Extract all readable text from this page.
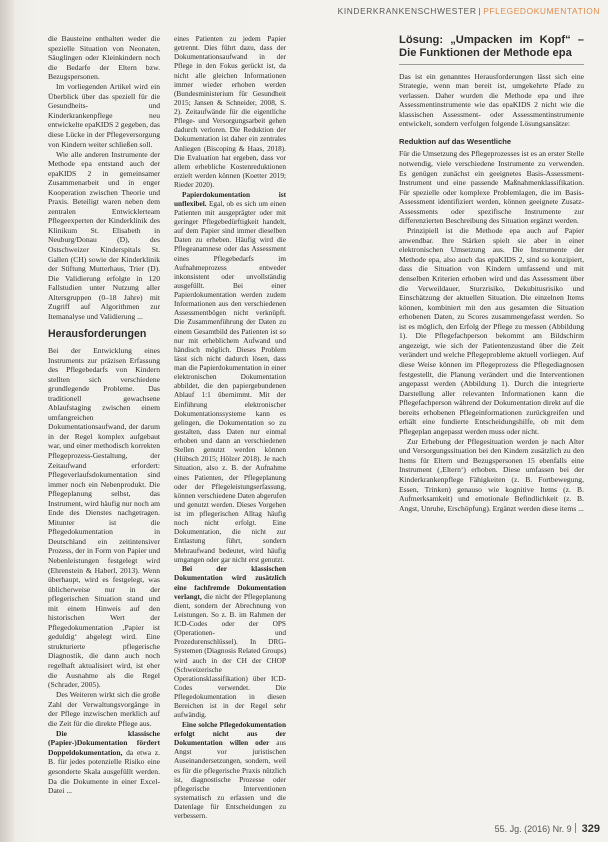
KINDERKRANKENSCHWESTER | PFLEGEDOKUMENTATION

die Bausteine enthalten weder die spezielle Situation von Neonaten, Säuglingen oder Kleinkindern noch die Bedarfe der Eltern bzw. Bezugspersonen.

Im vorliegenden Artikel wird ein Überblick über das speziell für die Gesundheits- und Kinderkrankenpflege neu entwickelte epaKIDS 2 gegeben, das diese Lücke in der Pflegeversorgung von Kindern weiter schließen soll.

Wie alle anderen Instrumente der Methode epa entstand auch der epaKIDS 2 in gemeinsamer Zusammenarbeit und in enger Kooperation zwischen Theorie und Praxis. Beteiligt waren neben dem zentralen Entwicklerteam Pflegeexperten der Kinderklinik des Klinikum St. Elisabeth in Neuburg/Donau (D), des Ostschweizer Kinderspitals St. Gallen (CH) sowie der Kinderklinik der Stiftung Mutterhaus, Trier (D). Die Validierung erfolgte in 120 Fallstudien unter Nutzung aller Altersgruppen (0–18 Jahre) mit Zugriff auf Algorithmen zur Itemanalyse und Validierung ...

Herausforderungen

Bei der Entwicklung eines Instruments zur präzisen Erfassung des Pflegebedarfs von Kindern stellten sich verschiedene grundlegende Probleme. Das traditionell gewachsene Ablaufstaging zwischen einem umfangreichen Dokumentationsaufwand, der darum in der Regel komplex aufgebaut war, und einer methodisch korrekten Pflegeprozess-Gestaltung, der Zeitaufwand erfordert: Pflegeverlaufsdokumentation sind immer noch ein Nebenprodukt. Die Pflegeplanung selbst, das Instrument, wird häufig nur noch am Ende des Dienstes nachgetragen. Mitunter ist die Pflegedokumentation in Deutschland ein zeitintensiver Prozess, der in Form von Papier und Nebenleistungen festgelegt wird (Ehrenstein & Haberl, 2013). Wenn überhaupt, wird es festgelegt, was üblicherweise nur in der pflegerischen Situation stand und mit einem Hinweis auf den historischen Wert der Pflegedokumentation ‚Papier ist geduldig‘ abgelegt wird. Eine strukturierte pflegerische Diagnostik, die dann auch noch regelhaft aktualisiert wird, ist eher die Ausnahme als die Regel (Schrader, 2005).

Des Weiteren wirkt sich die große Zahl der Verwaltungsvorgänge in der Pflege inzwischen merklich auf die Zeit für die direkte Pflege aus.

Die klassische (Papier-)Dokumentation fördert Doppeldokumentation, da etwa z. B. für jedes potenzielle Risiko eine gesonderte Skala ausgefüllt werden. Da die Dokumente in einer Excel-Datei ...

eines Patienten zu jedem Papier getrennt. Dies führt dazu, dass der Dokumentationsaufwand in der Pflege in den Fokus gerückt ist, da nicht alle gleichen Informationen immer wieder erhoben werden (Bundesministerium für Gesundheit 2015; Jansen & Schneider, 2008, S. 2). Zeitaufwände für die eigentliche Pflege- und Versorgungsarbeit gehen dadurch verloren. Die Reduktion der Dokumentation ist daher ein zentrales Anliegen (Biscoping & Haas, 2018). Die Evaluation hat ergeben, dass vor allem erhebliche Kostenreduktionen erzielt werden können (Koetter 2019; Rieder 2020).

Papierdokumentation ist unflexibel. Egal, ob es sich um einen Patienten mit ausgeprägter oder mit geringer Pflegebedürftigkeit handelt, auf dem Papier sind immer dieselben Daten zu erheben. Häufig wird die Pflegeanamnese oder das Assessment eines Pflegebedarfs im Aufnahmeprozess entweder inkonsistent oder unvollständig ausgefüllt. Bei einer Papierdokumentation werden zudem Informationen aus den verschiedenen Assessmentbögen nicht verknüpft. Die Zusammenführung der Daten zu einem Gesamtbild des Patienten ist so nur mit erheblichem Aufwand und händisch möglich. Dieses Problem lässt sich nicht dadurch lösen, dass man die Papierdokumentation in einer elektronischen Dokumentation abbildet, die den papiergebundenen Ablauf 1:1 übernimmt. Mit der Einführung elektronischer Dokumentationssysteme kann es gelingen, die Dokumentation so zu gestalten, dass Daten nur einmal erhoben und dann an verschiedenen Stellen genutzt werden können (Hübsch 2015; Hölzer 2018). Je nach Situation, also z. B. der Aufnahme eines Patienten, der Pflegeplanung oder der Pflegeleistungserfassung, können verschiedene Daten abgerufen und genutzt werden. Dieses Vorgehen ist im pflegerischen Alltag häufig noch nicht erfolgt. Eine Dokumentation, die nicht zur Entlastung führt, sondern Mehraufwand bedeutet, wird häufig umgangen oder gar nicht erst genutzt.

Bei der klassischen Dokumentation wird zusätzlich eine fachfremde Dokumentation verlangt, die nicht der Pflegeplanung dient, sondern der Abrechnung von Leistungen. So z. B. im Rahmen der ICD-Codes oder der OPS (Operationen- und Prozedurenschlüssel). In DRG-Systemen (Diagnosis Related Groups) wird auch in der CH der CHOP (Schweizerische Operationsklassifikation) über ICD-Codes verwendet. Die Pflegedokumentation in diesen Bereichen ist in der Regel sehr aufwändig.

Eine solche Pflegedokumentation erfolgt nicht aus der Dokumentation willen oder aus Angst vor juristischen Auseinandersetzungen, sondern, weil es für die pflegerische Praxis nützlich ist, diagnostische Prozesse oder pflegerische Interventionen systematisch zu erfassen und die Datenlage für Entscheidungen zu verbessern.

Lösung: „Umpacken im Kopf“ – Die Funktionen der Methode epa

Das ist ein genanntes Herausforderungen lässt sich eine Strategie, wenn man bereit ist, umgekehrte Pfade zu verlassen. Daher wurden die Methode epa und ihre Assessmentinstrumente wie das epaKIDS 2 nicht wie die klassischen Assessment- oder Assessmentinstrumente entwickelt, sondern verfolgen folgende Lösungsansätze:

Reduktion auf das Wesentliche

Für die Umsetzung des Pflegeprozesses ist es an erster Stelle notwendig, viele verschiedene Instrumente zu verwenden. Es genügen zunächst ein geeignetes Basis-Assessment-Instrument und eine passende Maßnahmenklassifikation. Für spezielle oder komplexe Problemlagen, die im Basis-Assessment identifiziert werden, können geeignete Zusatz-Assessments oder spezifische Instrumente zur differenzierten Beschreibung des Situation ergänzt werden.

Prinzipiell ist die Methode epa auch auf Papier anwendbar. Ihre Stärken spielt sie aber in einer elektronischen Umsetzung aus. Die Instrumente der Methode epa, also auch das epaKIDS 2, sind so konzipiert, dass die Situation von Kindern umfassend und mit denselben Kriterien erhoben wird und das Assessment über die Verweildauer, Sturzrisiko, Dekubitusrisiko und Einschätzung der aktuellen Situation. Die einzelnen Items können, kombiniert mit den aus gesamten die Situation erhobenen Daten, zu Scores zusammengefasst werden. So ist es möglich, den Erfolg der Pflege zu messen (Abbildung 1). Die Pflegefachperson bekommt am Bildschirm angezeigt, wie sich der Patientenzustand über die Zeit verändert und welche Pflegeprobleme aktuell vorliegen. Auf diese Weise können im Pflegeprozess die Pflegediagnosen festgestellt, die Planung verändert und die Interventionen angepasst werden (Abbildung 1). Durch die integrierte Darstellung aller relevanten Informationen kann die Pflegefachperson während der Dokumentation direkt auf die bereits erhobenen Pflegeinformationen zurückgreifen und erhält eine fundierte Entscheidungshilfe, ob mit dem Pflegeplan angepasst werden muss oder nicht.

Zur Erhebung der Pflegesituation werden je nach Alter und Versorgungssituation bei den Kindern zusätzlich zu den Items für Eltern und Bezugspersonen 15 ebenfalls eine Instrument (‚Eltern‘) erhoben. Diese umfassen bei der Kinderkrankenpflege Fähigkeiten (z. B. Fortbewegung, Essen, Trinken) genauso wie kognitive Items (z. B. Aufmerksamkeit) und emotionale Befindlichkeit (z. B. Angst, Unruhe, Erschöpfung). Ergänzt werden diese items ...

55. Jg. (2016) Nr. 9 329
